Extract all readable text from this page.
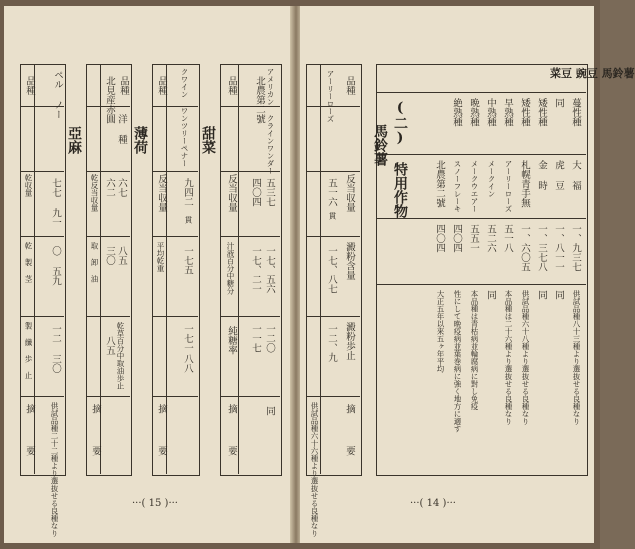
アメリカン クラインワンダー
北農第二號
品種
五三七
四〇四
反当収量
一七、五六
一七、二一
汁液百分中糖分
一二〇
一一七
純糖率
同
摘
要
甜菜
クワイン ワンツリーペナー
品種
九四二
貫
反当収量
一七五
平均乾重
一七一
八八
摘
要
薄荷
品種
洋 種
北見産赤圓
乾反当収量 六七
六二
八五
三〇
取 卸 油
乾草百分中取油歩止
八五
摘
要
ペル ノー
品種
七七 九一
乾収量
〇 五九
乾 製 茎
一二 三〇
製 纖 歩 止
摘
要 供試品種二十二種より選抜せる良種なり
亞麻
···( 15 )···
菜豆 豌豆 馬鈴薯
蔓性種
大 福
一、九三七
供試品種八十三種より選抜せる良種なり
同
虎 豆
一、八一一
同
矮性種
金 時
一、三七八
同
矮性種
札幌青手無
一、六〇五
供試品種六十八種より選抜せる良種なり
早熟種
アーリーローズ
五一八
本品種は二十六種より選抜せる良種なり
中熟種
メークイン
五二六
同
晩熟種
メークウエアー
五五一
本品種は青枯病並輪腐病に對し免疫
絶熟種
スノーフレーキ
四〇四
性にして晩疫病並葉巻病に強く地方に適す
北農第二號
四〇四
大正五年以來五ヶ年平均
(二) 特用作物
馬鈴薯
品種
アーリーローズ
反当収量
五一六
貫
澱粉含量
一七、八七
澱粉歩止
一二、九
摘
要
供試品種六十六種より選抜せる良種なり	···( 14 )···
